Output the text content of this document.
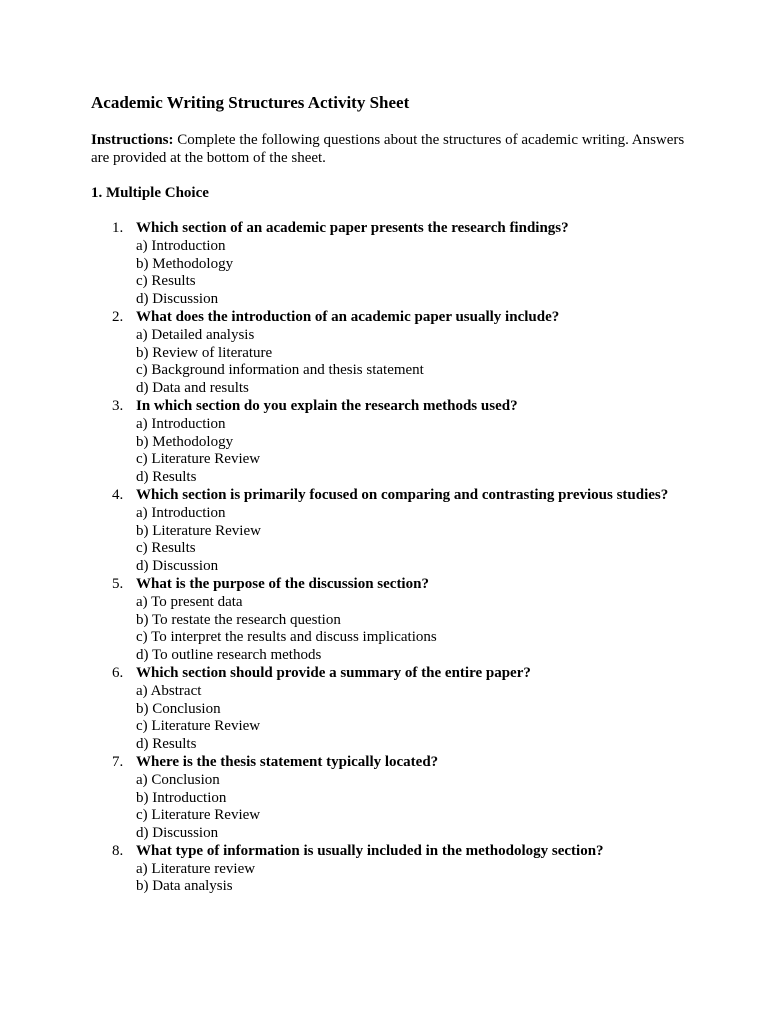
Academic Writing Structures Activity Sheet

Instructions: Complete the following questions about the structures of academic writing. Answers are provided at the bottom of the sheet.

1. Multiple Choice
1. Which section of an academic paper presents the research findings?
a) Introduction
b) Methodology
c) Results
d) Discussion
2. What does the introduction of an academic paper usually include?
a) Detailed analysis
b) Review of literature
c) Background information and thesis statement
d) Data and results
3. In which section do you explain the research methods used?
a) Introduction
b) Methodology
c) Literature Review
d) Results
4. Which section is primarily focused on comparing and contrasting previous studies?
a) Introduction
b) Literature Review
c) Results
d) Discussion
5. What is the purpose of the discussion section?
a) To present data
b) To restate the research question
c) To interpret the results and discuss implications
d) To outline research methods
6. Which section should provide a summary of the entire paper?
a) Abstract
b) Conclusion
c) Literature Review
d) Results
7. Where is the thesis statement typically located?
a) Conclusion
b) Introduction
c) Literature Review
d) Discussion
8. What type of information is usually included in the methodology section?
a) Literature review
b) Data analysis
